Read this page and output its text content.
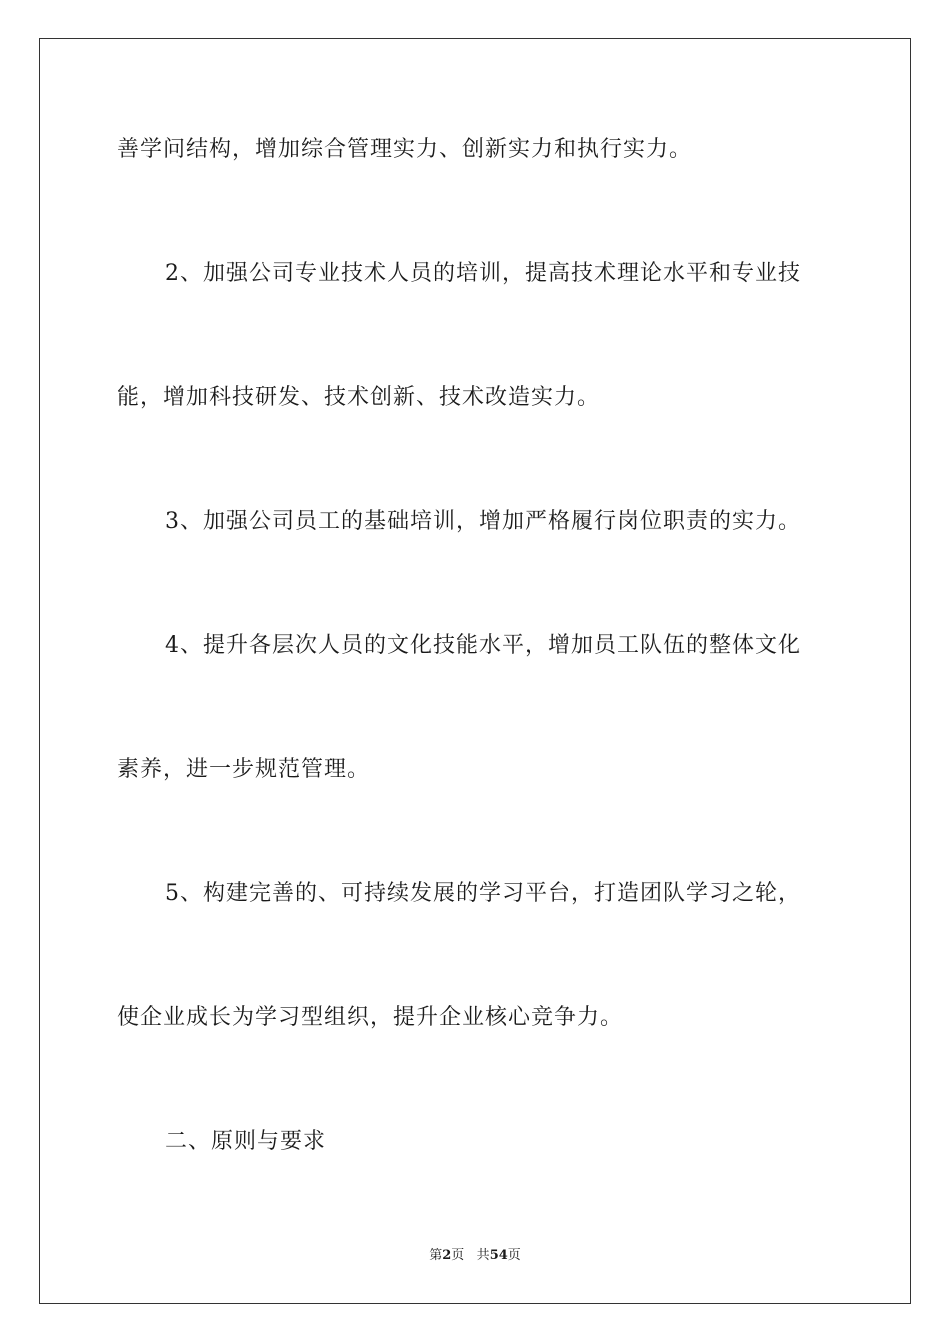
善学问结构，增加综合管理实力、创新实力和执行实力。
2、加强公司专业技术人员的培训，提高技术理论水平和专业技
能，增加科技研发、技术创新、技术改造实力。
3、加强公司员工的基础培训，增加严格履行岗位职责的实力。
4、提升各层次人员的文化技能水平，增加员工队伍的整体文化
素养，进一步规范管理。
5、构建完善的、可持续发展的学习平台，打造团队学习之轮，
使企业成长为学习型组织，提升企业核心竞争力。
二、原则与要求
第2页 共54页
